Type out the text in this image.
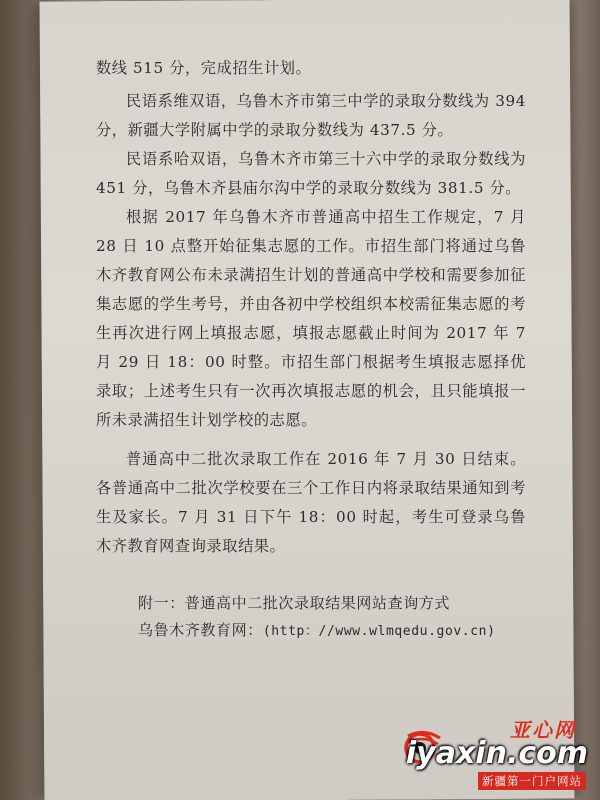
数线 515 分，完成招生计划。

民语系维双语，乌鲁木齐市第三中学的录取分数线为 394 分，新疆大学附属中学的录取分数线为 437.5 分。

民语系哈双语，乌鲁木齐市第三十六中学的录取分数线为 451 分，乌鲁木齐县庙尔沟中学的录取分数线为 381.5 分。

根据 2017 年乌鲁木齐市普通高中招生工作规定，7 月 28 日 10 点整开始征集志愿的工作。市招生部门将通过乌鲁木齐教育网公布未录满招生计划的普通高中学校和需要参加征集志愿的学生考号，并由各初中学校组织本校需征集志愿的考生再次进行网上填报志愿，填报志愿截止时间为 2017 年 7 月 29 日 18：00 时整。市招生部门根据考生填报志愿择优录取；上述考生只有一次再次填报志愿的机会，且只能填报一所未录满招生计划学校的志愿。

普通高中二批次录取工作在 2016 年 7 月 30 日结束。各普通高中二批次学校要在三个工作日内将录取结果通知到考生及家长。7 月 31 日下午 18：00 时起，考生可登录乌鲁木齐教育网查询录取结果。

附一：普通高中二批次录取结果网站查询方式
乌鲁木齐教育网：(http：//www.wlmqedu.gov.cn)
亚心网
iyaxin.com
新疆第一门户网站
